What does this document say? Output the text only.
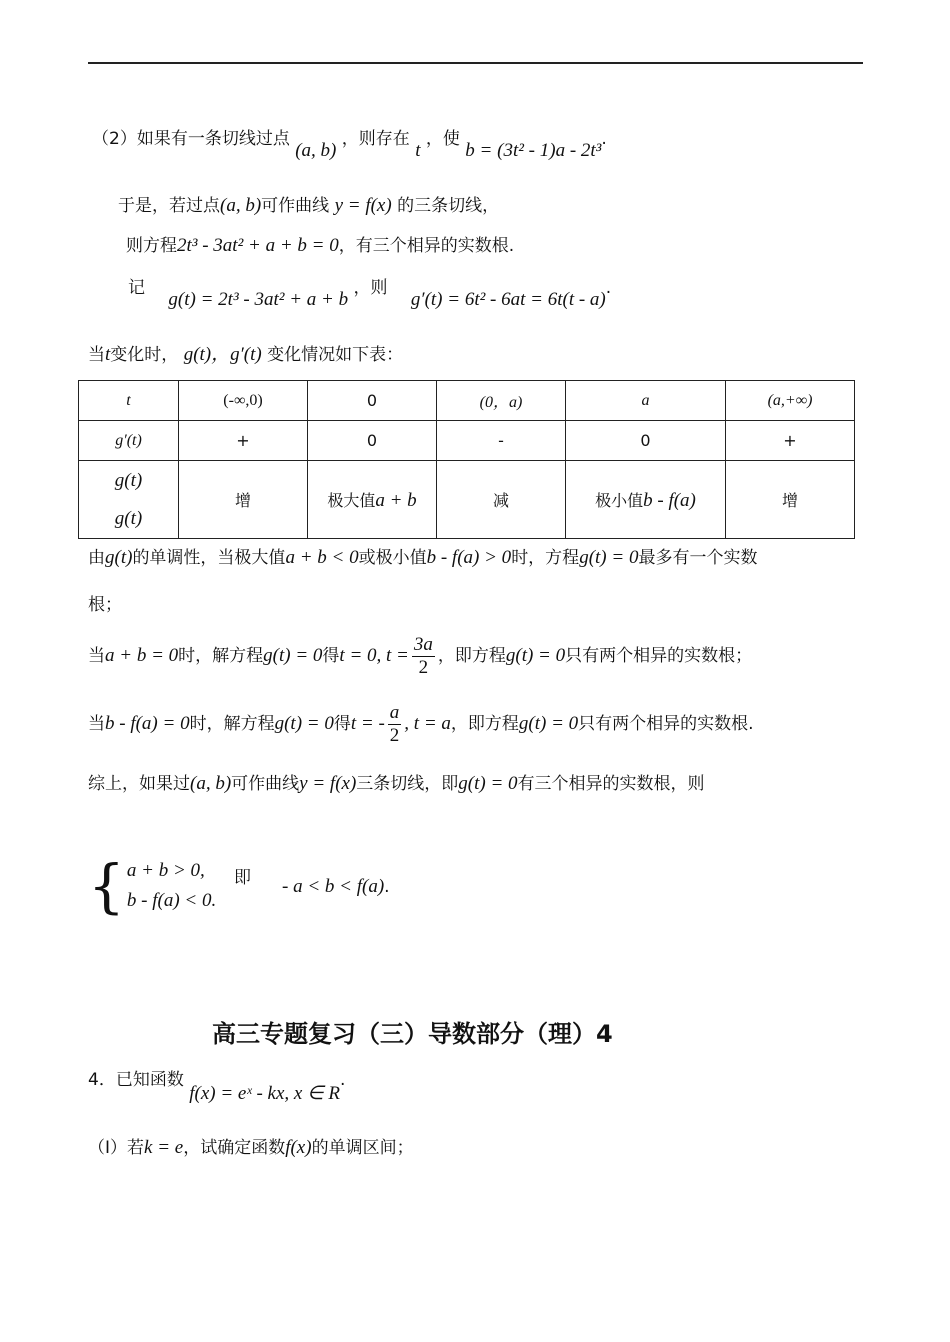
（2）如果有一条切线过点 (a, b) ，则存在 t ，使 b = (3t² - 1)a - 2t³.
于是，若过点(a, b)可作曲线 y = f(x) 的三条切线，
则方程2t³ - 3at² + a + b = 0，有三个相异的实数根.
记 g(t) = 2t³ - 3at² + a + b ，则 g′(t) = 6t² - 6at = 6t(t - a).
当t变化时， g(t)，g′(t) 变化情况如下表：
t	(-∞,0)	0	(0，a)	a	(a,+∞)
g′(t)	+	0	-	0	+

g(t)
g(t)	增	极大值a + b	减	极小值b - f(a)	增
由g(t)的单调性，当极大值a + b < 0或极小值b - f(a) > 0时，方程g(t) = 0最多有一个实数
根；
当a + b = 0时，解方程g(t) = 0得t = 0, $t = \frac{3a}{2}$ ，即方程g(t) = 0只有两个相异的实数根；
当b - f(a) = 0时，解方程g(t) = 0得t = - $\frac{a}{2}$ , t = a，即方程g(t) = 0只有两个相异的实数根.
综上，如果过(a, b)可作曲线y = f(x)三条切线，即g(t) = 0有三个相异的实数根，则
{ a + b > 0,
b - f(a) < 0.
即 - a < b < f(a).
高三专题复习（三）导数部分（理）4
4．已知函数 f(x) = eˣ - kx, x ∈ R.
（Ⅰ）若k = e，试确定函数f(x)的单调区间；
